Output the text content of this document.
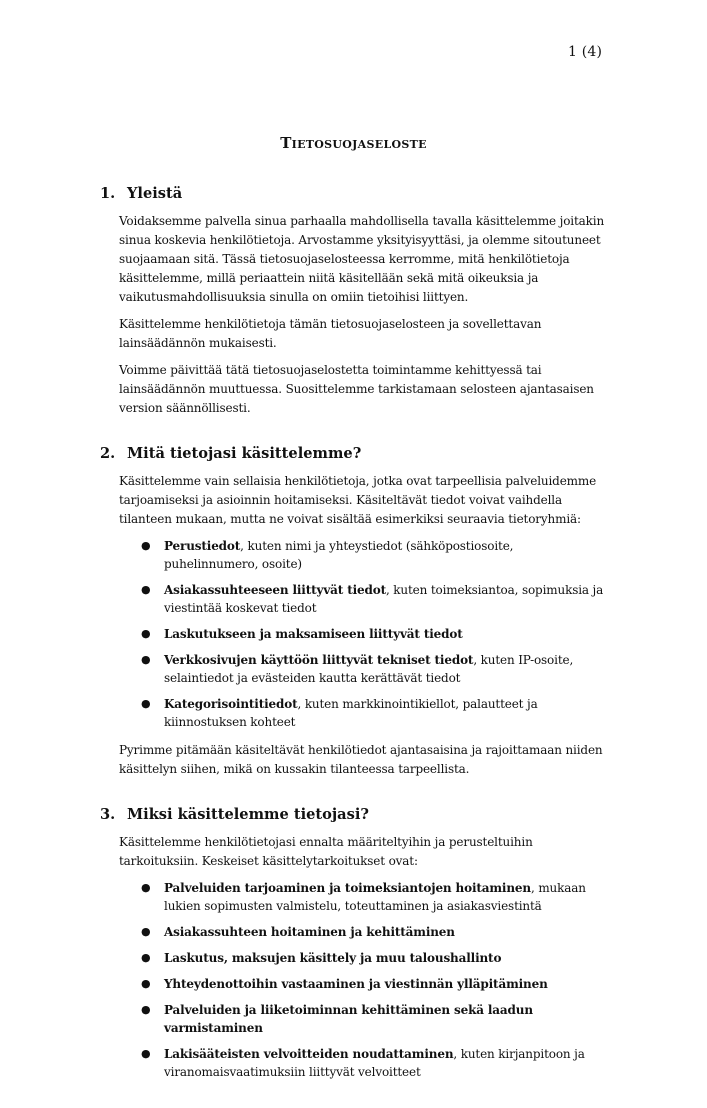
1 (4)
Tietosuojaseloste
1. Yleistä

Voidaksemme palvella sinua parhaalla mahdollisella tavalla käsittelemme joitakin sinua koskevia henkilötietoja. Arvostamme yksityisyyttäsi, ja olemme sitoutuneet suojaamaan sitä. Tässä tietosuojaselosteessa kerromme, mitä henkilötietoja käsittelemme, millä periaattein niitä käsitellään sekä mitä oikeuksia ja vaikutusmahdollisuuksia sinulla on omiin tietoihisi liittyen.

Käsittelemme henkilötietoja tämän tietosuojaselosteen ja sovellettavan lainsäädännön mukaisesti.

Voimme päivittää tätä tietosuojaselostetta toimintamme kehittyessä tai lainsäädännön muuttuessa. Suosittelemme tarkistamaan selosteen ajantasaisen version säännöllisesti.

2. Mitä tietojasi käsittelemme?

Käsittelemme vain sellaisia henkilötietoja, jotka ovat tarpeellisia palveluidemme tarjoamiseksi ja asioinnin hoitamiseksi. Käsiteltävät tiedot voivat vaihdella tilanteen mukaan, mutta ne voivat sisältää esimerkiksi seuraavia tietoryhmiä:

● Perustiedot, kuten nimi ja yhteystiedot (sähköpostiosoite, puhelinnumero, osoite)
● Asiakassuhteeseen liittyvät tiedot, kuten toimeksiantoa, sopimuksia ja viestintää koskevat tiedot
● Laskutukseen ja maksamiseen liittyvät tiedot
● Verkkosivujen käyttöön liittyvät tekniset tiedot, kuten IP-osoite, selaintiedot ja evästeiden kautta kerättävät tiedot
● Kategorisointitiedot, kuten markkinointikiellot, palautteet ja kiinnostuksen kohteet

Pyrimme pitämään käsiteltävät henkilötiedot ajantasaisina ja rajoittamaan niiden käsittelyn siihen, mikä on kussakin tilanteessa tarpeellista.

3. Miksi käsittelemme tietojasi?

Käsittelemme henkilötietojasi ennalta määriteltyihin ja perusteltuihin tarkoituksiin. Keskeiset käsittelytarkoitukset ovat:

● Palveluiden tarjoaminen ja toimeksiantojen hoitaminen, mukaan lukien sopimusten valmistelu, toteuttaminen ja asiakasviestintä
● Asiakassuhteen hoitaminen ja kehittäminen
● Laskutus, maksujen käsittely ja muu taloushallinto
● Yhteydenottoihin vastaaminen ja viestinnän ylläpitäminen
● Palveluiden ja liiketoiminnan kehittäminen sekä laadun varmistaminen
● Lakisääteisten velvoitteiden noudattaminen, kuten kirjanpitoon ja viranomaisvaatimuksiin liittyvät velvoitteet
